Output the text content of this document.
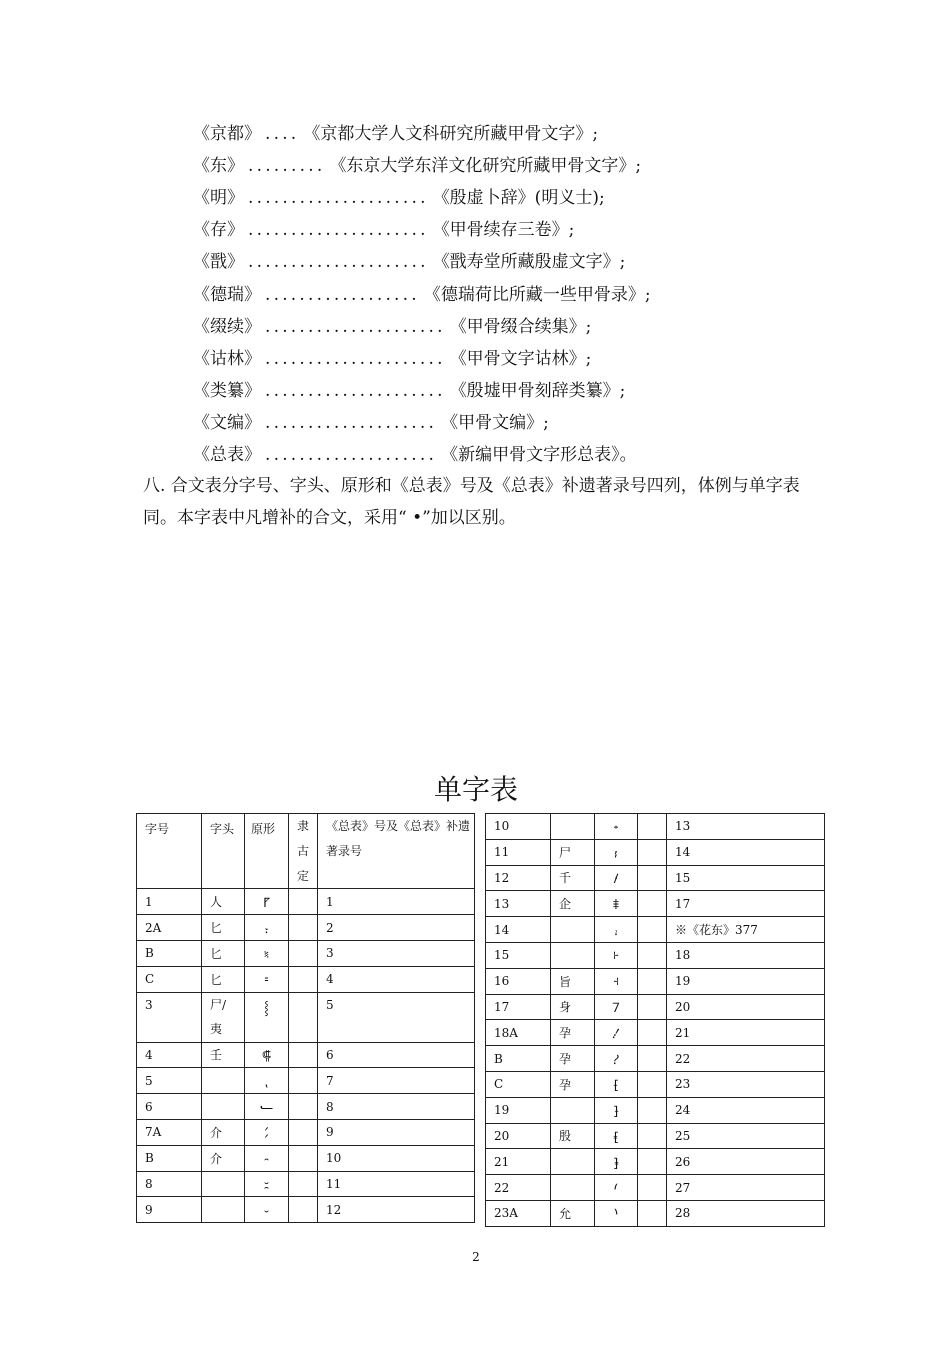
《京都》 .... 《京都大学人文科研究所藏甲骨文字》;
《东》 ......... 《东京大学东洋文化研究所藏甲骨文字》;
《明》 ..................... 《殷虚卜辞》(明义士);
《存》 ..................... 《甲骨续存三卷》;
《戬》 ..................... 《戬寿堂所藏殷虚文字》;
《德瑞》 .................. 《德瑞荷比所藏一些甲骨录》;
《缀续》 ..................... 《甲骨缀合续集》;
《诂林》 ..................... 《甲骨文字诂林》;
《类纂》 ..................... 《殷墟甲骨刻辞类纂》;
《文编》 .................... 《甲骨文编》;
《总表》 .................... 《新编甲骨文字形总表》。
八. 合文表分字号、字头、原形和《总表》号及《总表》补遗著录号四列，体例与单字表同。本字表中凡增补的合文，采用“ •”加以区别。
单字表
字号	字头	原形	隶
古
定	《总表》号及《总表》补遗
著录号

1	人	⹍		1
2A	匕	⹎		2
B	匕	⹏		3
C	匕	⹀		4
3	尸/
夷	⸾		5
4	壬	⸿		6
5		⹁		7
6		⹃		8
7A	介	⹄		9
B	介	⹅		10
8		⹆		11
9		⹇		12
10		⹈		13
11	尸	⹉		14
12	千	⹊		15
13	企	⹋		17
14		⹌		※《花东》377
15		⹐		18
16	旨	⹑		19
17	身	⹒		20
18A	孕	⹓		21
B	孕	⹔		22
C	孕	⹕		23
19		⹖		24
20	殷	⹗		25
21		⹘		26
22		⹙		27
23A	允	⹚		28
2
